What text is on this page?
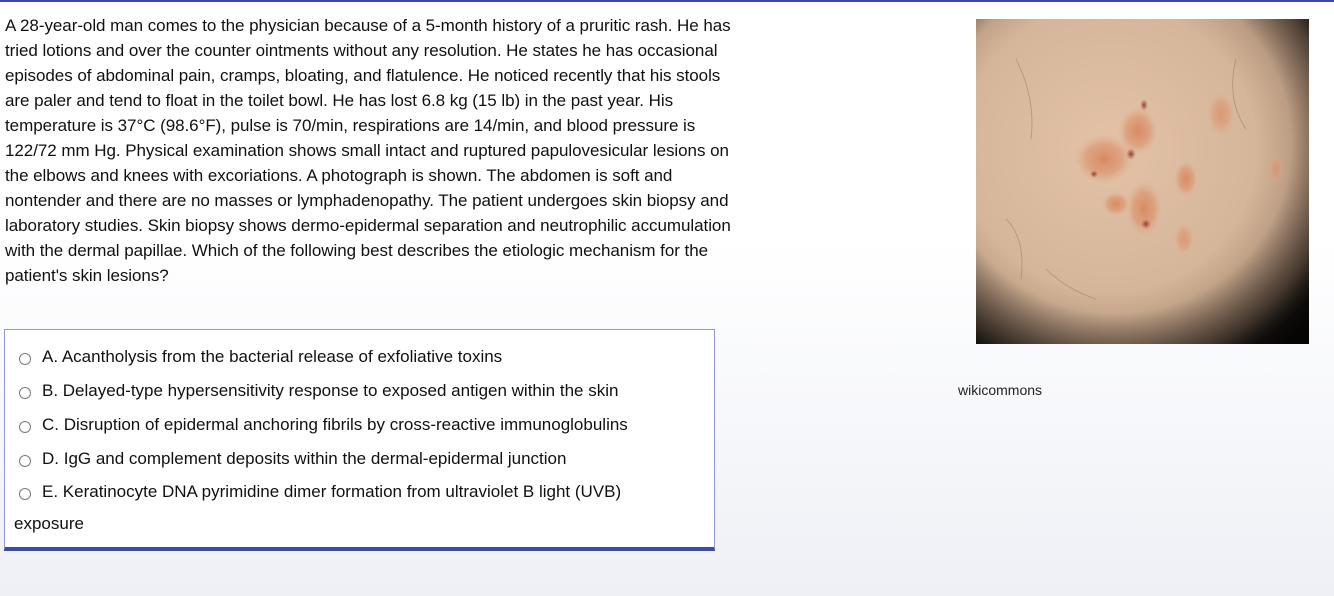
A 28-year-old man comes to the physician because of a 5-month history of a pruritic rash. He has tried lotions and over the counter ointments without any resolution. He states he has occasional episodes of abdominal pain, cramps, bloating, and flatulence. He noticed recently that his stools are paler and tend to float in the toilet bowl. He has lost 6.8 kg (15 lb) in the past year. His temperature is 37°C (98.6°F), pulse is 70/min, respirations are 14/min, and blood pressure is 122/72 mm Hg. Physical examination shows small intact and ruptured papulovesicular lesions on the elbows and knees with excoriations. A photograph is shown. The abdomen is soft and nontender and there are no masses or lymphadenopathy. The patient undergoes skin biopsy and laboratory studies. Skin biopsy shows dermo-epidermal separation and neutrophilic accumulation with the dermal papillae. Which of the following best describes the etiologic mechanism for the patient's skin lesions?

A. Acantholysis from the bacterial release of exfoliative toxins
B. Delayed-type hypersensitivity response to exposed antigen within the skin
C. Disruption of epidermal anchoring fibrils by cross-reactive immunoglobulins
D. IgG and complement deposits within the dermal-epidermal junction
E. Keratinocyte DNA pyrimidine dimer formation from ultraviolet B light (UVB)
exposure
wikicommons
